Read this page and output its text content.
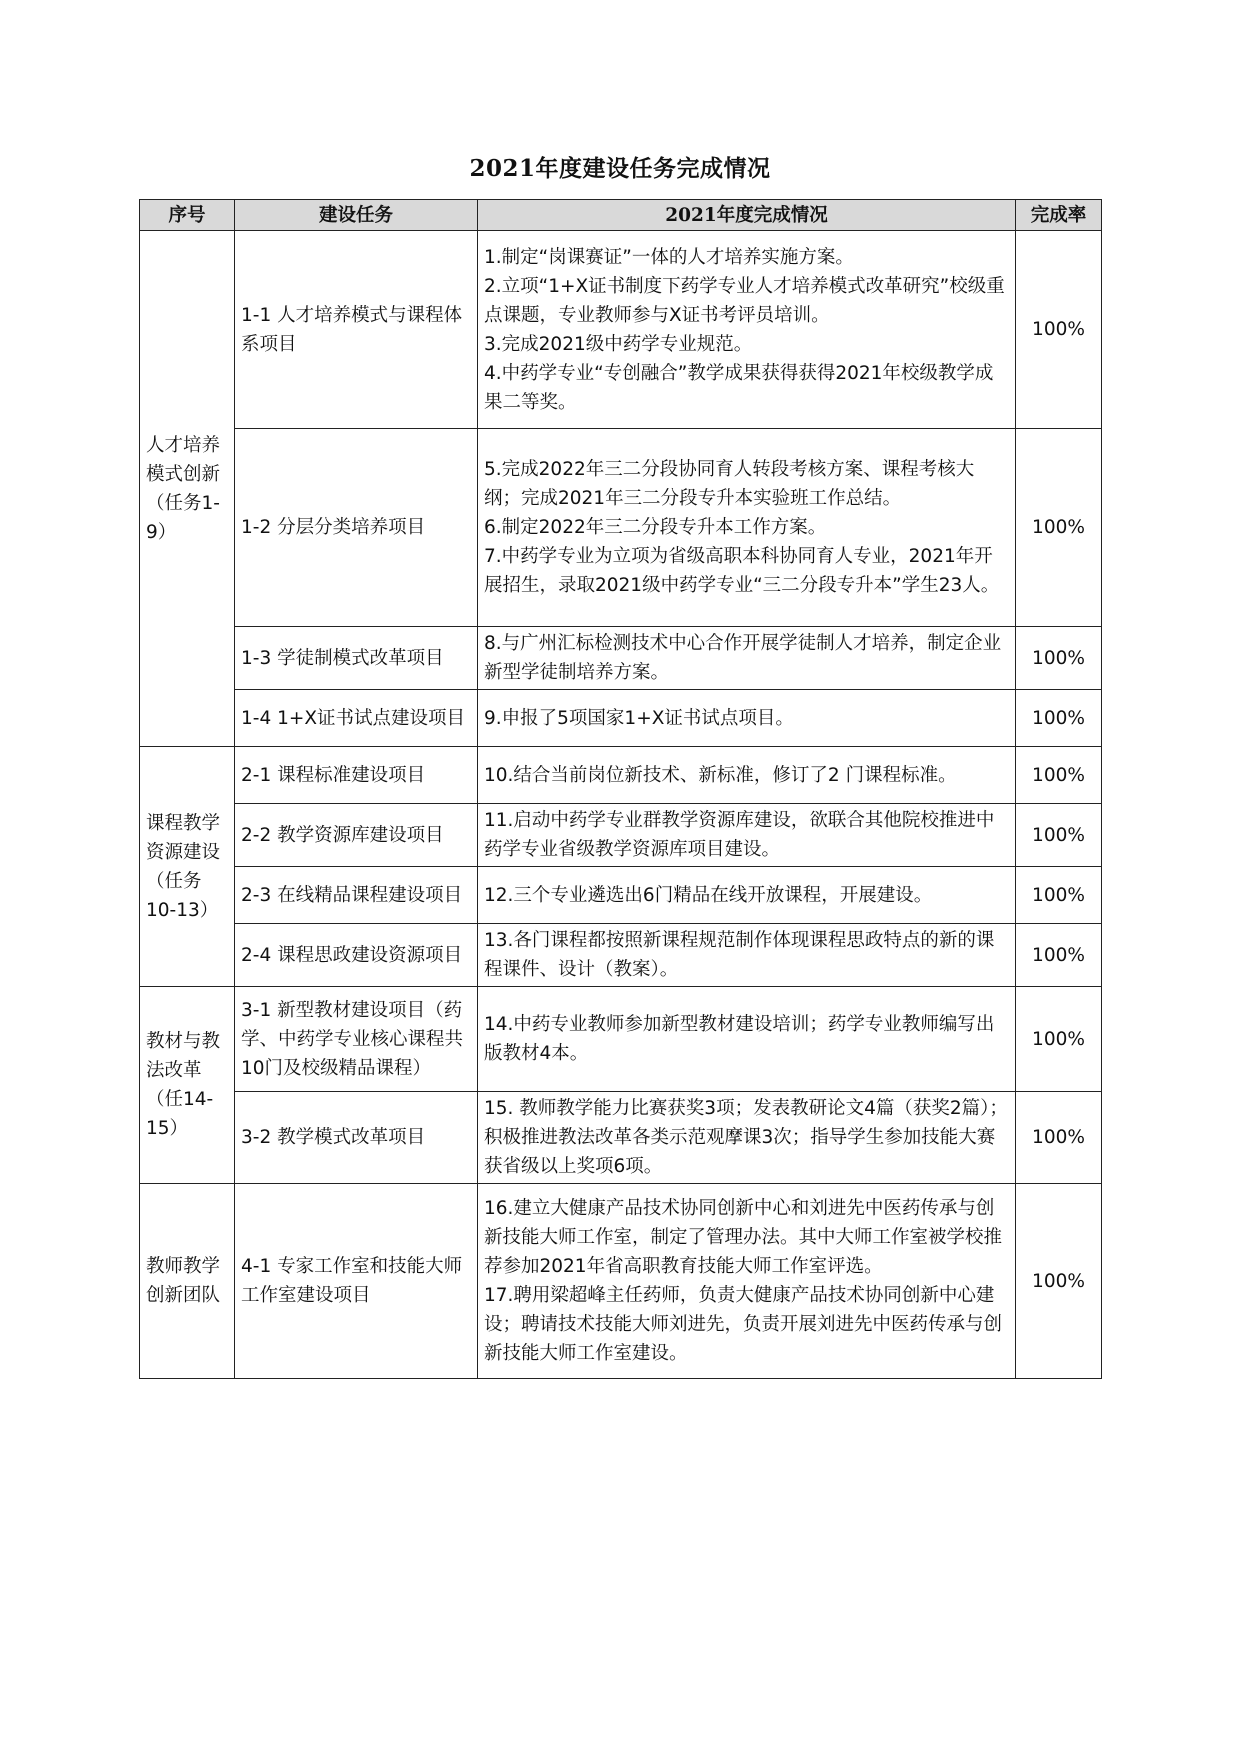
2021年度建设任务完成情况
序号	建设任务	2021年度完成情况	完成率
人才培养模式创新（任务1-9）	1-1 人才培养模式与课程体系项目	1.制定“岗课赛证”一体的人才培养实施方案。
2.立项“1+X证书制度下药学专业人才培养模式改革研究”校级重点课题，专业教师参与X证书考评员培训。
3.完成2021级中药学专业规范。
4.中药学专业“专创融合”教学成果获得获得2021年校级教学成果二等奖。	100%
	1-2 分层分类培养项目	5.完成2022年三二分段协同育人转段考核方案、课程考核大纲；完成2021年三二分段专升本实验班工作总结。
6.制定2022年三二分段专升本工作方案。
7.中药学专业为立项为省级高职本科协同育人专业，2021年开展招生，录取2021级中药学专业“三二分段专升本”学生23人。	100%
	1-3 学徒制模式改革项目	8.与广州汇标检测技术中心合作开展学徒制人才培养，制定企业新型学徒制培养方案。	100%
	1-4 1+X证书试点建设项目	9.申报了5项国家1+X证书试点项目。	100%
课程教学资源建设（任务10-13）	2-1 课程标准建设项目	10.结合当前岗位新技术、新标准，修订了2 门课程标准。	100%
	2-2 教学资源库建设项目	11.启动中药学专业群教学资源库建设，欲联合其他院校推进中药学专业省级教学资源库项目建设。	100%
	2-3 在线精品课程建设项目	12.三个专业遴选出6门精品在线开放课程，开展建设。	100%
	2-4 课程思政建设资源项目	13.各门课程都按照新课程规范制作体现课程思政特点的新的课程课件、设计（教案）。	100%
教材与教法改革（任14-15）	3-1 新型教材建设项目（药学、中药学专业核心课程共10门及校级精品课程）	14.中药专业教师参加新型教材建设培训；药学专业教师编写出版教材4本。	100%
	3-2 教学模式改革项目	15. 教师教学能力比赛获奖3项；发表教研论文4篇（获奖2篇）；积极推进教法改革各类示范观摩课3次；指导学生参加技能大赛获省级以上奖项6项。	100%
教师教学创新团队	4-1 专家工作室和技能大师工作室建设项目	16.建立大健康产品技术协同创新中心和刘进先中医药传承与创新技能大师工作室，制定了管理办法。其中大师工作室被学校推荐参加2021年省高职教育技能大师工作室评选。
17.聘用梁超峰主任药师，负责大健康产品技术协同创新中心建设；聘请技术技能大师刘进先，负责开展刘进先中医药传承与创新技能大师工作室建设。	100%
